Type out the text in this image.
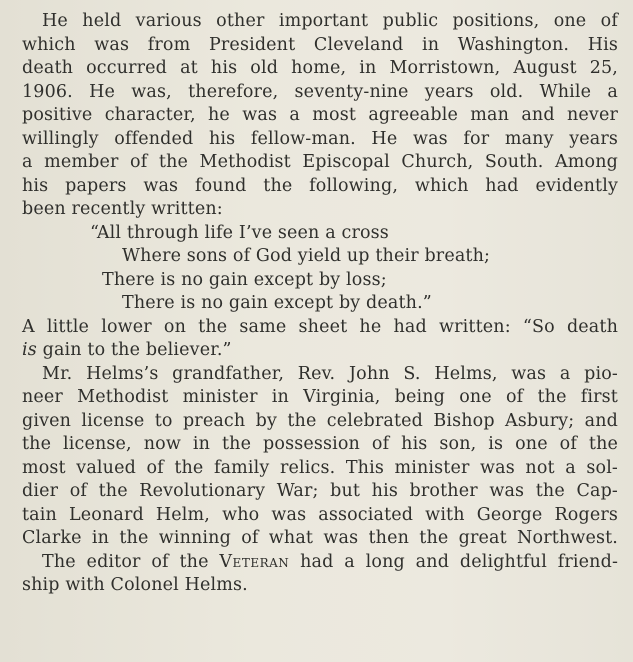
He held various other important public positions, one of
which was from President Cleveland in Washington. His
death occurred at his old home, in Morristown, August 25,
1906. He was, therefore, seventy-nine years old. While a
positive character, he was a most agreeable man and never
willingly offended his fellow-man. He was for many years
a member of the Methodist Episcopal Church, South. Among
his papers was found the following, which had evidently
been recently written:
“All through life I’ve seen a cross
Where sons of God yield up their breath;
There is no gain except by loss;
There is no gain except by death.”
A little lower on the same sheet he had written: “So death
is gain to the believer.”
Mr. Helms’s grandfather, Rev. John S. Helms, was a pio-
neer Methodist minister in Virginia, being one of the first
given license to preach by the celebrated Bishop Asbury; and
the license, now in the possession of his son, is one of the
most valued of the family relics. This minister was not a sol-
dier of the Revolutionary War; but his brother was the Cap-
tain Leonard Helm, who was associated with George Rogers
Clarke in the winning of what was then the great Northwest.
The editor of the Veteran had a long and delightful friend-
ship with Colonel Helms.
